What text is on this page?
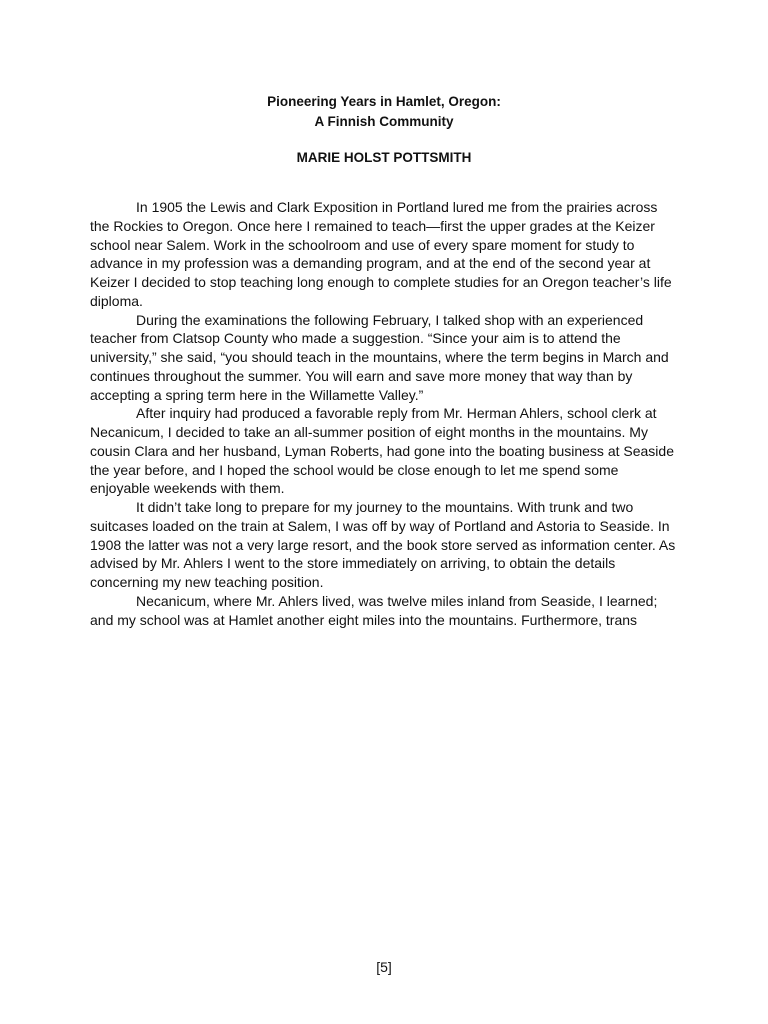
Pioneering Years in Hamlet, Oregon:
A Finnish Community
MARIE HOLST POTTSMITH

In 1905 the Lewis and Clark Exposition in Portland lured me from the prairies across the Rockies to Oregon. Once here I remained to teach—first the upper grades at the Keizer school near Salem. Work in the schoolroom and use of every spare moment for study to advance in my profession was a demanding program, and at the end of the second year at Keizer I decided to stop teaching long enough to complete studies for an Oregon teacher’s life diploma.

During the examinations the following February, I talked shop with an experienced teacher from Clatsop County who made a suggestion. “Since your aim is to attend the university,” she said, “you should teach in the mountains, where the term begins in March and continues throughout the summer. You will earn and save more money that way than by accepting a spring term here in the Willamette Valley.”

After inquiry had produced a favorable reply from Mr. Herman Ahlers, school clerk at Necanicum, I decided to take an all-summer position of eight months in the mountains. My cousin Clara and her husband, Lyman Roberts, had gone into the boating business at Seaside the year before, and I hoped the school would be close enough to let me spend some enjoyable weekends with them.

It didn’t take long to prepare for my journey to the mountains. With trunk and two suitcases loaded on the train at Salem, I was off by way of Portland and Astoria to Seaside. In 1908 the latter was not a very large resort, and the book store served as information center. As advised by Mr. Ahlers I went to the store immediately on arriving, to obtain the details concerning my new teaching position.

Necanicum, where Mr. Ahlers lived, was twelve miles inland from Seaside, I learned; and my school was at Hamlet another eight miles into the mountains. Furthermore, trans

[5]
